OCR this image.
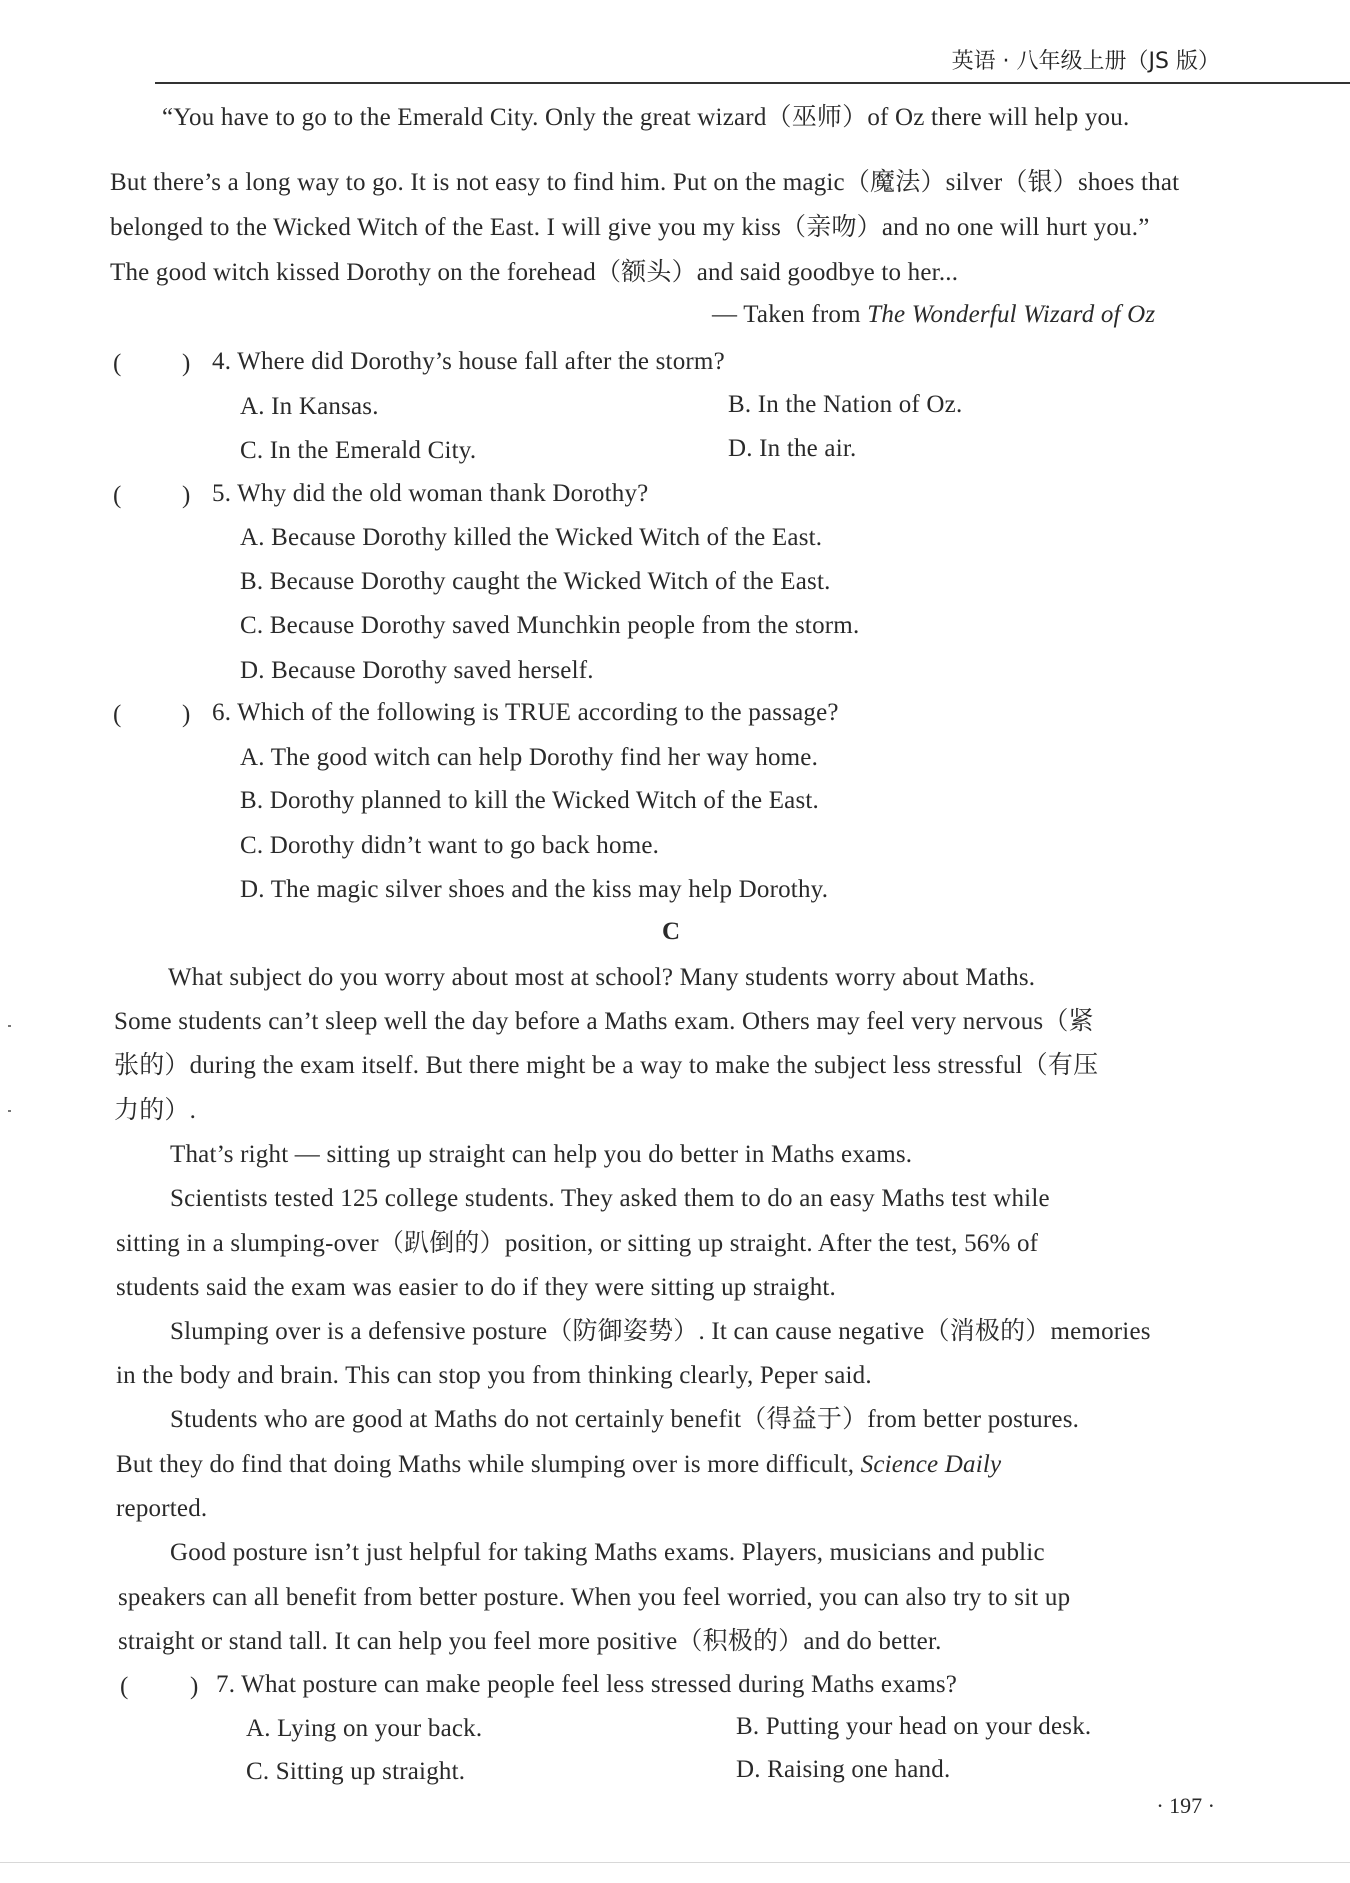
英语 · 八年级上册（JS 版）
“You have to go to the Emerald City. Only the great wizard（巫师）of Oz there will help you.
But there’s a long way to go. It is not easy to find him. Put on the magic（魔法）silver（银）shoes that
belonged to the Wicked Witch of the East. I will give you my kiss（亲吻）and no one will hurt you.”
The good witch kissed Dorothy on the forehead（额头）and said goodbye to her...
— Taken from The Wonderful Wizard of Oz
( ) 4. Where did Dorothy’s house fall after the storm?
A. In Kansas.	B. In the Nation of Oz.
C. In the Emerald City.	D. In the air.
( ) 5. Why did the old woman thank Dorothy?
A. Because Dorothy killed the Wicked Witch of the East.
B. Because Dorothy caught the Wicked Witch of the East.
C. Because Dorothy saved Munchkin people from the storm.
D. Because Dorothy saved herself.
( ) 6. Which of the following is TRUE according to the passage?
A. The good witch can help Dorothy find her way home.
B. Dorothy planned to kill the Wicked Witch of the East.
C. Dorothy didn’t want to go back home.
D. The magic silver shoes and the kiss may help Dorothy.
C
What subject do you worry about most at school? Many students worry about Maths.
Some students can’t sleep well the day before a Maths exam. Others may feel very nervous（紧
张的）during the exam itself. But there might be a way to make the subject less stressful（有压
力的）.
That’s right — sitting up straight can help you do better in Maths exams.
Scientists tested 125 college students. They asked them to do an easy Maths test while
sitting in a slumping-over（趴倒的）position, or sitting up straight. After the test, 56% of
students said the exam was easier to do if they were sitting up straight.
Slumping over is a defensive posture（防御姿势）. It can cause negative（消极的）memories
in the body and brain. This can stop you from thinking clearly, Peper said.
Students who are good at Maths do not certainly benefit（得益于）from better postures.
But they do find that doing Maths while slumping over is more difficult, Science Daily
reported.
Good posture isn’t just helpful for taking Maths exams. Players, musicians and public
speakers can all benefit from better posture. When you feel worried, you can also try to sit up
straight or stand tall. It can help you feel more positive（积极的）and do better.
( ) 7. What posture can make people feel less stressed during Maths exams?
A. Lying on your back.	B. Putting your head on your desk.
C. Sitting up straight.	D. Raising one hand.
· 197 ·
